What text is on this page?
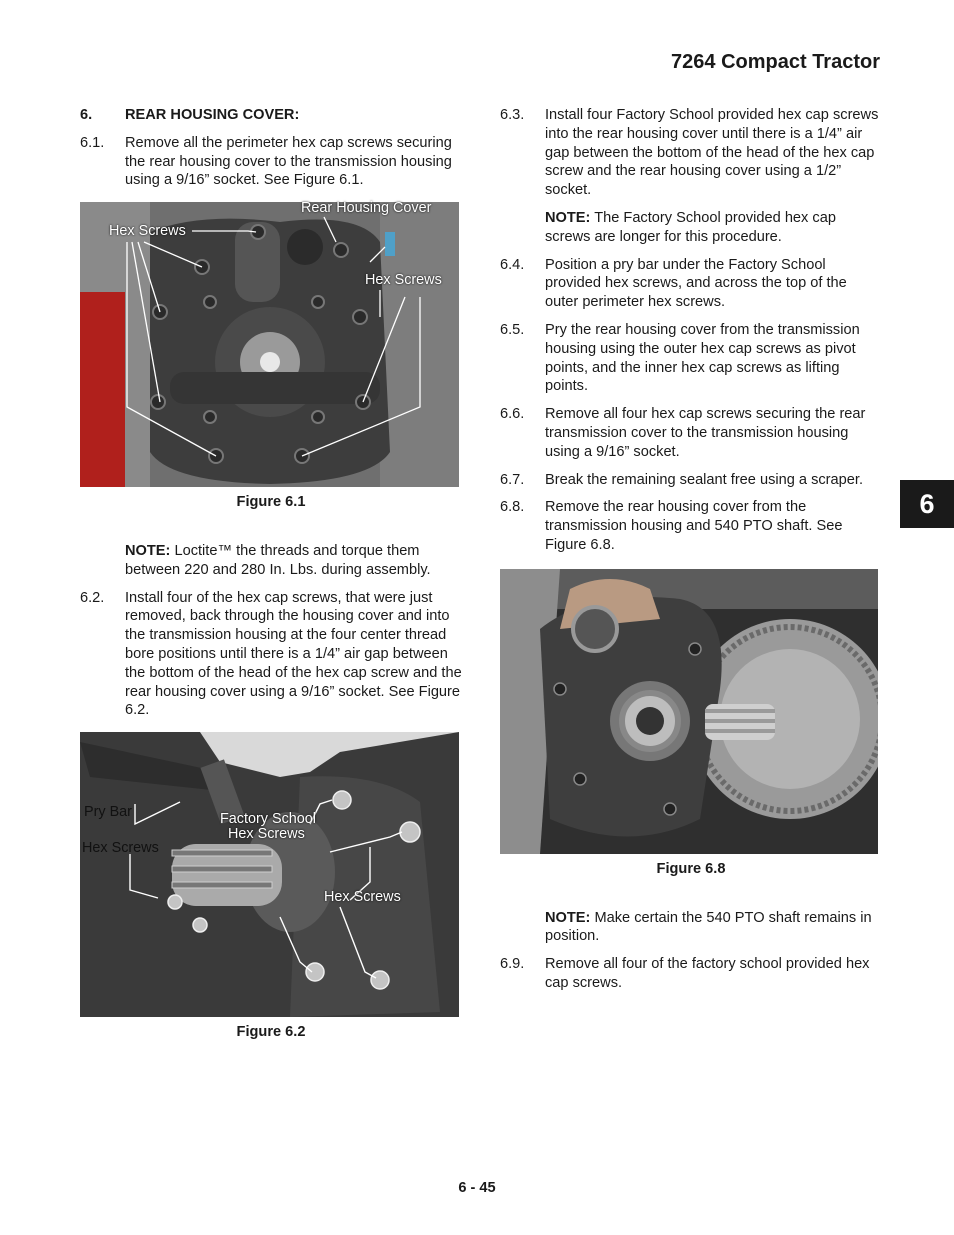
7264 Compact Tractor
6
6.	REAR HOUSING COVER:
6.1.	Remove all the perimeter hex cap screws securing the rear housing cover to the transmission housing using a 9/16” socket. See Figure 6.1.
Rear Housing Cover
Hex Screws
Hex Screws
Figure 6.1
NOTE: Loctite™ the threads and torque them between 220 and 280 In. Lbs. during assembly.
6.2.	Install four of the hex cap screws, that were just removed, back through the housing cover and into the transmission housing at the four center thread bore positions until there is a 1/4” air gap between the bottom of the head of the hex cap screw and the rear housing cover using a 9/16” socket. See Figure 6.2.
Pry Bar
Hex Screws
Factory School
Hex Screws
Hex Screws
Figure 6.2
6.3.	Install four Factory School provided hex cap screws into the rear housing cover until there is a 1/4” air gap between the bottom of the head of the hex cap screw and the rear housing cover using a 1/2” socket.
NOTE: The Factory School provided hex cap screws are longer for this procedure.
6.4.	Position a pry bar under the Factory School provided hex screws, and across the top of the outer perimeter hex screws.
6.5.	Pry the rear housing cover from the transmission housing using the outer hex cap screws as pivot points, and the inner hex cap screws as lifting points.
6.6.	Remove all four hex cap screws securing the rear transmission cover to the transmission housing using a 9/16” socket.
6.7.	Break the remaining sealant free using a scraper.
6.8.	Remove the rear housing cover from the transmission housing and 540 PTO shaft. See Figure 6.8.
Figure 6.8
NOTE: Make certain the 540 PTO shaft remains in position.
6.9.	Remove all four of the factory school provided hex cap screws.
6 - 45
